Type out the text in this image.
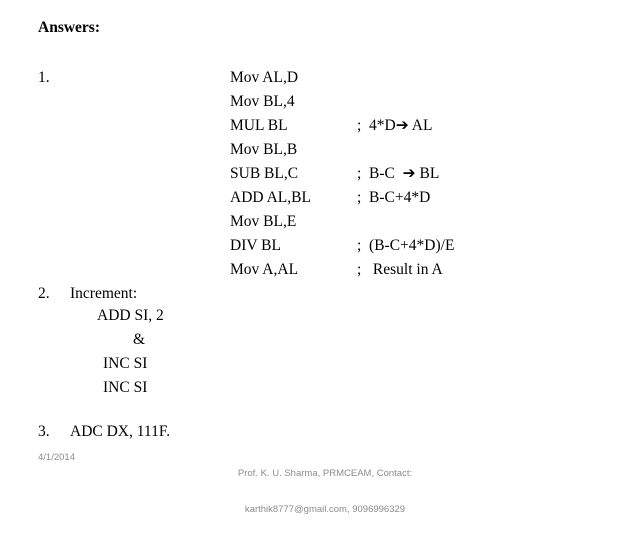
Answers:
1.	Mov AL,D
Mov BL,4
MUL BL	;  4*D➔ AL
Mov BL,B
SUB BL,C	;  B-C  ➔ BL
ADD AL,BL	;  B-C+4*D
Mov BL,E
DIV BL	;  (B-C+4*D)/E
Mov A,AL	;   Result in A
2. Increment:
ADD SI, 2
&
INC SI
INC SI
3. ADC DX, 111F.
4/1/2014

Prof. K. U. Sharma, PRMCEAM, Contact:

karthik8777@gmail.com, 9096996329
